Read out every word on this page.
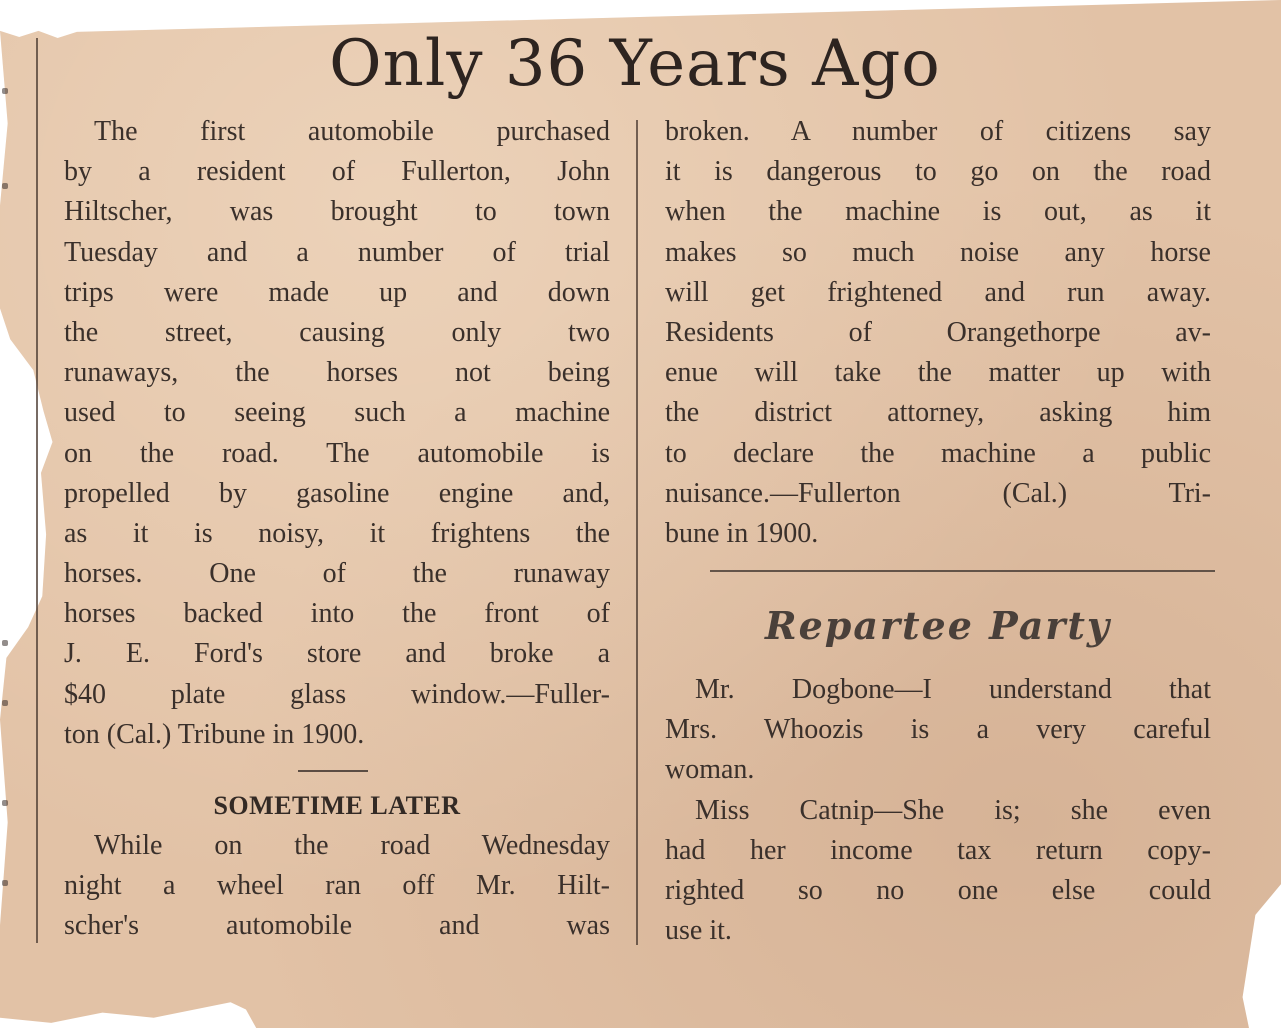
Only 36 Years Ago
The first automobile purchased
by a resident of Fullerton, John
Hiltscher, was brought to town
Tuesday and a number of trial
trips were made up and down
the street, causing only two
runaways, the horses not being
used to seeing such a machine
on the road. The automobile is
propelled by gasoline engine and,
as it is noisy, it frightens the
horses. One of the runaway
horses backed into the front of
J. E. Ford's store and broke a
$40 plate glass window.—Fuller-
ton (Cal.) Tribune in 1900.
SOMETIME LATER
While on the road Wednesday
night a wheel ran off Mr. Hilt-
scher's automobile and was
broken. A number of citizens say
it is dangerous to go on the road
when the machine is out, as it
makes so much noise any horse
will get frightened and run away.
Residents of Orangethorpe av-
enue will take the matter up with
the district attorney, asking him
to declare the machine a public
nuisance.—Fullerton (Cal.) Tri-
bune in 1900.
Repartee Party
Mr. Dogbone—I understand that
Mrs. Whoozis is a very careful
woman.
Miss Catnip—She is; she even
had her income tax return copy-
righted so no one else could
use it.
